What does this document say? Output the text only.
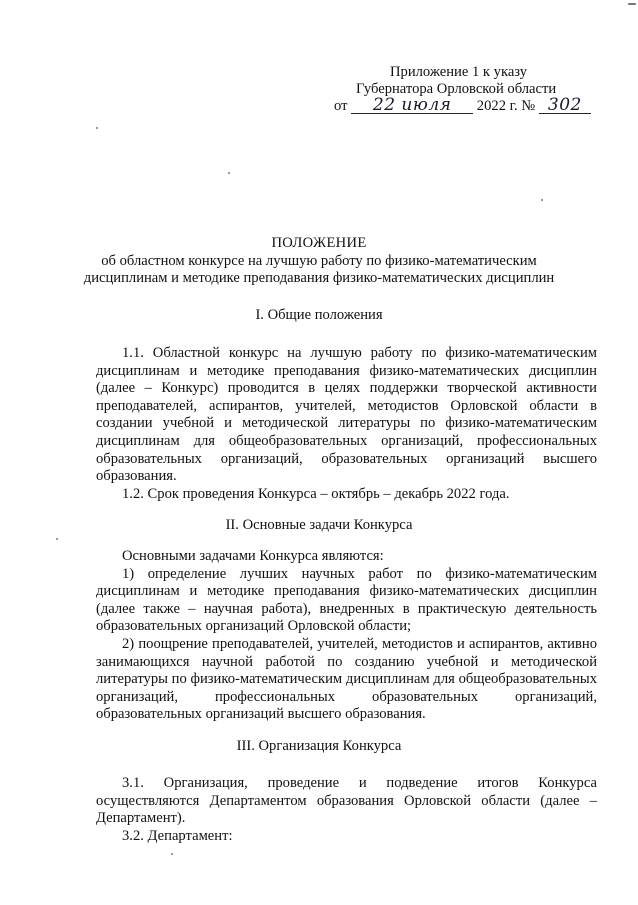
Приложение 1 к указу
Губернатора Орловской области
от 22 июля 2022 г. № 302
ПОЛОЖЕНИЕ
об областном конкурсе на лучшую работу по физико-математическим
дисциплинам и методике преподавания физико-математических дисциплин
I. Общие положения

1.1. Областной конкурс на лучшую работу по физико-математическим дисциплинам и методике преподавания физико-математических дисциплин (далее – Конкурс) проводится в целях поддержки творческой активности преподавателей, аспирантов, учителей, методистов Орловской области в создании учебной и методической литературы по физико-математическим дисциплинам для общеобразовательных организаций, профессиональных образовательных организаций, образовательных организаций высшего образования.

1.2. Срок проведения Конкурса – октябрь – декабрь 2022 года.

II. Основные задачи Конкурса

Основными задачами Конкурса являются:

1) определение лучших научных работ по физико-математическим дисциплинам и методике преподавания физико-математических дисциплин (далее также – научная работа), внедренных в практическую деятельность образовательных организаций Орловской области;

2) поощрение преподавателей, учителей, методистов и аспирантов, активно занимающихся научной работой по созданию учебной и методической литературы по физико-математическим дисциплинам для общеобразовательных организаций, профессиональных образовательных организаций, образовательных организаций высшего образования.

III. Организация Конкурса

3.1. Организация, проведение и подведение итогов Конкурса осуществляются Департаментом образования Орловской области (далее – Департамент).

3.2. Департамент:
